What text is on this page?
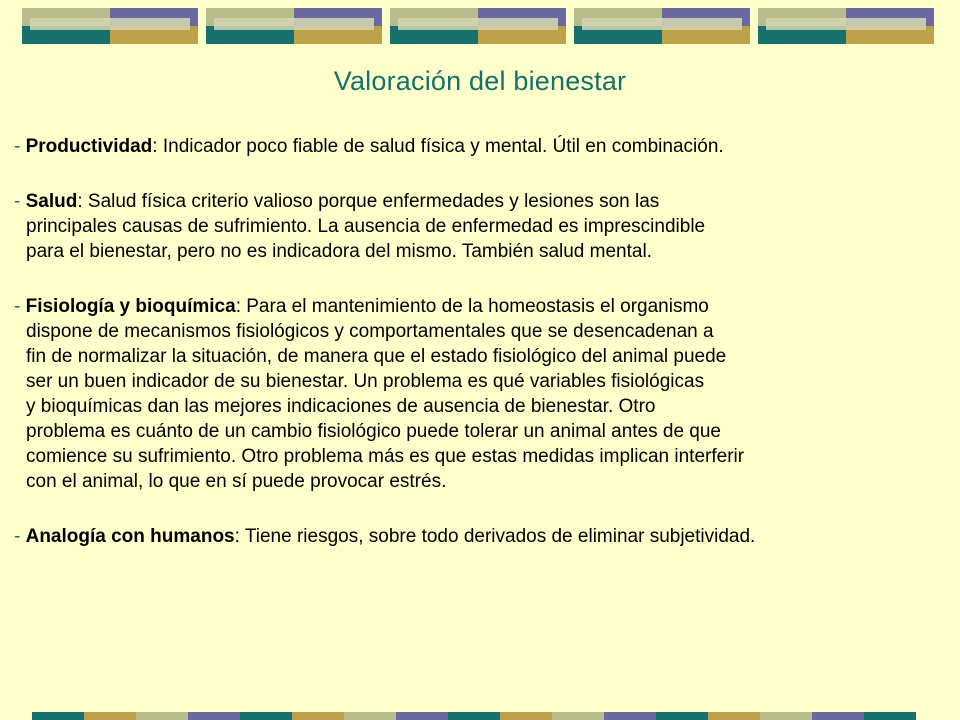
Valoración del bienestar
- Productividad: Indicador poco fiable de salud física y mental. Útil en combinación.
- Salud: Salud física criterio valioso porque enfermedades y lesiones son las
principales causas de sufrimiento. La ausencia de enfermedad es imprescindible
para el bienestar, pero no es indicadora del mismo. También salud mental.
- Fisiología y bioquímica: Para el mantenimiento de la homeostasis el organismo
dispone de mecanismos fisiológicos y comportamentales que se desencadenan a
fin de normalizar la situación, de manera que el estado fisiológico del animal puede
ser un buen indicador de su bienestar. Un problema es qué variables fisiológicas
y bioquímicas dan las mejores indicaciones de ausencia de bienestar. Otro
problema es cuánto de un cambio fisiológico puede tolerar un animal antes de que
comience su sufrimiento. Otro problema más es que estas medidas implican interferir
con el animal, lo que en sí puede provocar estrés.
- Analogía con humanos: Tiene riesgos, sobre todo derivados de eliminar subjetividad.
